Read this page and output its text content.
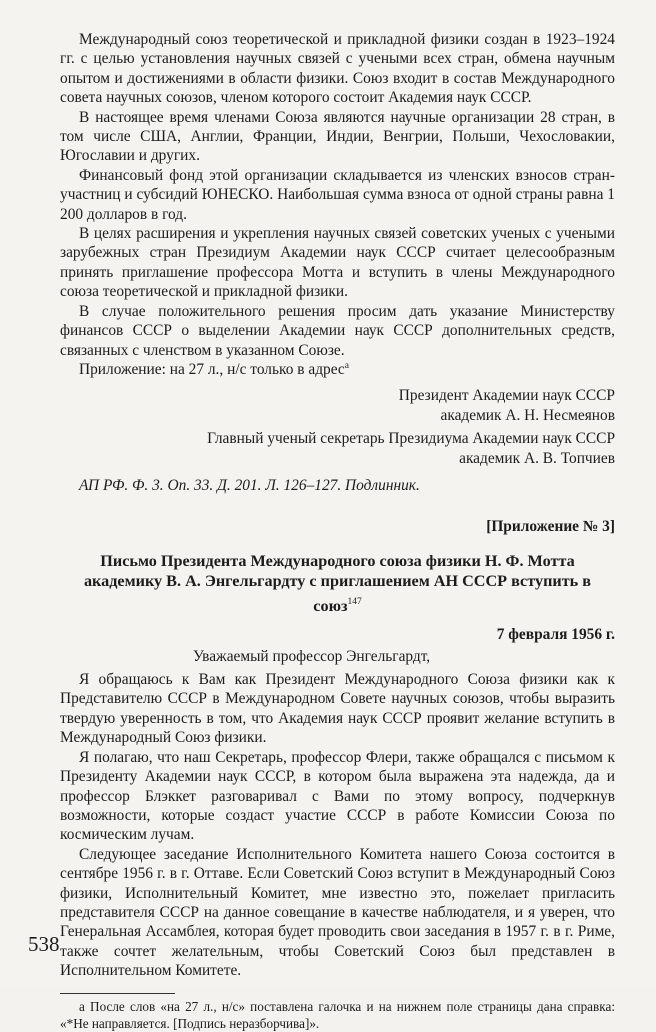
Международный союз теоретической и прикладной физики создан в 1923–1924 гг. с целью установления научных связей с учеными всех стран, обмена научным опытом и достижениями в области физики. Союз входит в состав Международного совета научных союзов, членом которого состоит Академия наук СССР.

В настоящее время членами Союза являются научные организации 28 стран, в том числе США, Англии, Франции, Индии, Венгрии, Польши, Чехословакии, Югославии и других.

Финансовый фонд этой организации складывается из членских взносов стран-участниц и субсидий ЮНЕСКО. Наибольшая сумма взноса от одной страны равна 1 200 долларов в год.

В целях расширения и укрепления научных связей советских ученых с учеными зарубежных стран Президиум Академии наук СССР считает целесообразным принять приглашение профессора Мотта и вступить в члены Международного союза теоретической и прикладной физики.

В случае положительного решения просим дать указание Министерству финансов СССР о выделении Академии наук СССР дополнительных средств, связанных с членством в указанном Союзе.

Приложение: на 27 л., н/с только в адрес$^а$

Президент Академии наук СССР

академик А. Н. Несмеянов

Главный ученый секретарь Президиума Академии наук СССР

академик А. В. Топчиев

АП РФ. Ф. 3. Оп. 33. Д. 201. Л. 126–127. Подлинник.

[Приложение № 3]

Письмо Президента Международного союза физики Н. Ф. Мотта академику В. А. Энгельгардту с приглашением АН СССР вступить в союз$^{147}$

7 февраля 1956 г.

Уважаемый профессор Энгельгардт,

Я обращаюсь к Вам как Президент Международного Союза физики как к Представителю СССР в Международном Совете научных союзов, чтобы выразить твердую уверенность в том, что Академия наук СССР проявит желание вступить в Международный Союз физики.

Я полагаю, что наш Секретарь, профессор Флери, также обращался с письмом к Президенту Академии наук СССР, в котором была выражена эта надежда, да и профессор Блэккет разговаривал с Вами по этому вопросу, подчеркнув возможности, которые создаст участие СССР в работе Комиссии Союза по космическим лучам.

Следующее заседание Исполнительного Комитета нашего Союза состоится в сентябре 1956 г. в г. Оттаве. Если Советский Союз вступит в Международный Союз физики, Исполнительный Комитет, мне известно это, пожелает пригласить представителя СССР на данное совещание в качестве наблюдателя, и я уверен, что Генеральная Ассамблея, которая будет проводить свои заседания в 1957 г. в г. Риме, также сочтет желательным, чтобы Советский Союз был представлен в Исполнительном Комитете.

а После слов «на 27 л., н/с» поставлена галочка и на нижнем поле страницы дана справка: «*Не направляется. [Подпись неразборчива]».

538
